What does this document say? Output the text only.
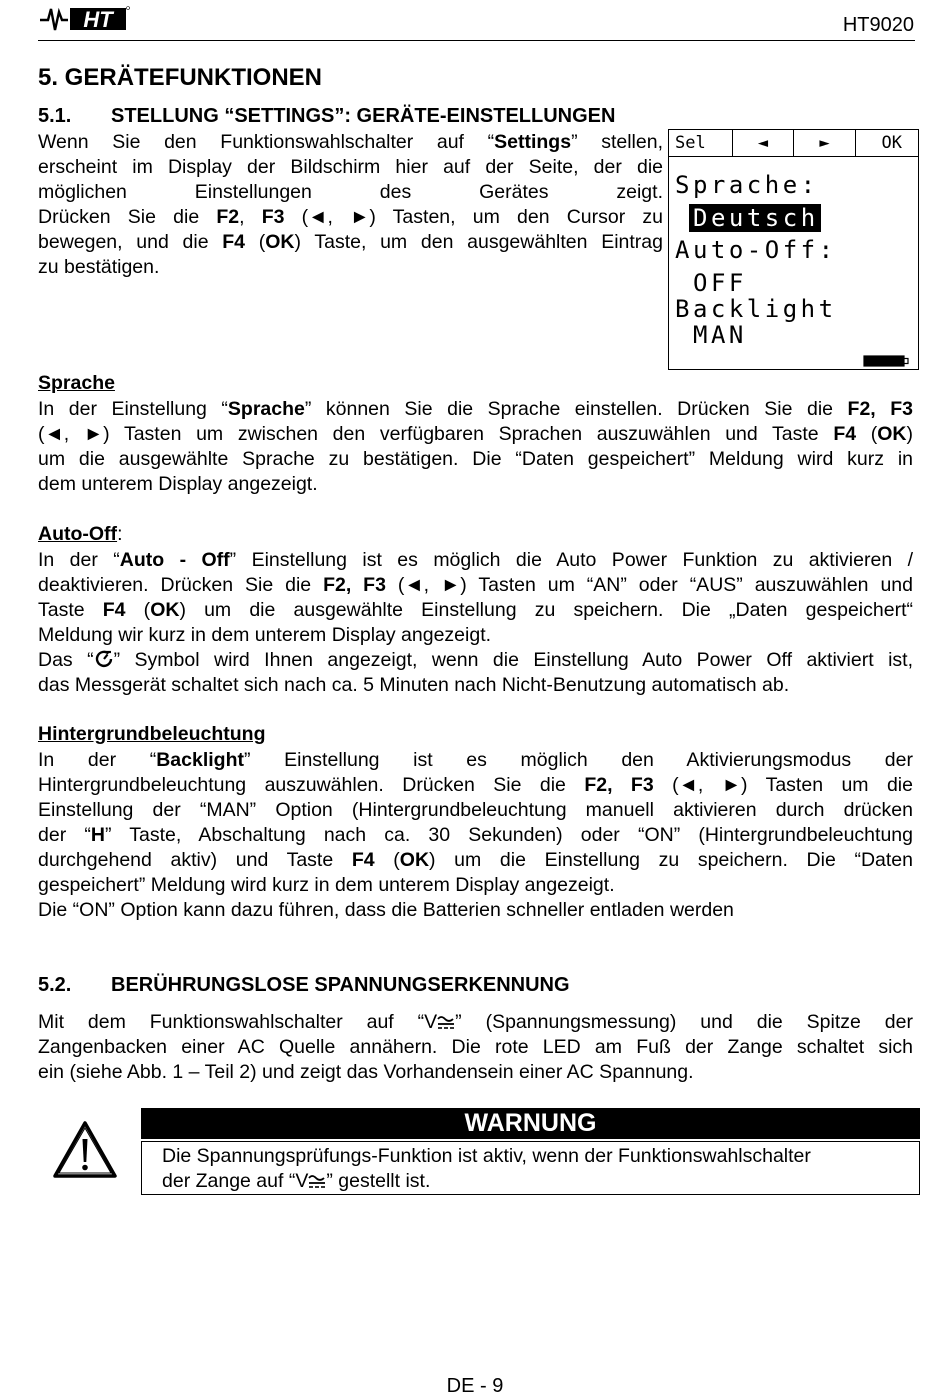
HT	HT9020
5. GERÄTEFUNKTIONEN
5.1. STELLUNG “SETTINGS”: GERÄTE-EINSTELLUNGEN
Wenn Sie den Funktionswahlschalter auf “Settings” stellen,
erscheint im Display der Bildschirm hier auf der Seite, der die
möglichen Einstellungen des Gerätes zeigt.
Drücken Sie die F2, F3 (◄, ►) Tasten, um den Cursor zu
bewegen, und die F4 (OK) Taste, um den ausgewählten Eintrag
zu bestätigen.
Sel	◄	►	OK
Sprache:
Deutsch
Auto-Off:
OFF
Backlight
MAN
Sprache
In der Einstellung “Sprache” können Sie die Sprache einstellen. Drücken Sie die F2, F3
(◄, ►) Tasten um zwischen den verfügbaren Sprachen auszuwählen und Taste F4 (OK)
um die ausgewählte Sprache zu bestätigen. Die “Daten gespeichert” Meldung wird kurz in
dem unterem Display angezeigt.
Auto-Off:
In der “Auto - Off” Einstellung ist es möglich die Auto Power Funktion zu aktivieren /
deaktivieren. Drücken Sie die F2, F3 (◄, ►) Tasten um “AN” oder “AUS” auszuwählen und
Taste F4 (OK) um die ausgewählte Einstellung zu speichern. Die „Daten gespeichert“
Meldung wir kurz in dem unterem Display angezeigt.
Das “ ” Symbol wird Ihnen angezeigt, wenn die Einstellung Auto Power Off aktiviert ist,
das Messgerät schaltet sich nach ca. 5 Minuten nach Nicht-Benutzung automatisch ab.
Hintergrundbeleuchtung
In der “Backlight” Einstellung ist es möglich den Aktivierungsmodus der
Hintergrundbeleuchtung auszuwählen. Drücken Sie die F2, F3 (◄, ►) Tasten um die
Einstellung der “MAN” Option (Hintergrundbeleuchtung manuell aktivieren durch drücken
der “H” Taste, Abschaltung nach ca. 30 Sekunden) oder “ON” (Hintergrundbeleuchtung
durchgehend aktiv) und Taste F4 (OK) um die Einstellung zu speichern. Die “Daten
gespeichert” Meldung wird kurz in dem unterem Display angezeigt.
Die “ON” Option kann dazu führen, dass die Batterien schneller entladen werden
5.2. BERÜHRUNGSLOSE SPANNUNGSERKENNUNG
Mit dem Funktionswahlschalter auf “V ” (Spannungsmessung) und die Spitze der
Zangenbacken einer AC Quelle annähern. Die rote LED am Fuß der Zange schaltet sich
ein (siehe Abb. 1 – Teil 2) und zeigt das Vorhandensein einer AC Spannung.
WARNUNG
Die Spannungsprüfungs-Funktion ist aktiv, wenn der Funktionswahlschalter
der Zange auf “V ” gestellt ist.
DE - 9
